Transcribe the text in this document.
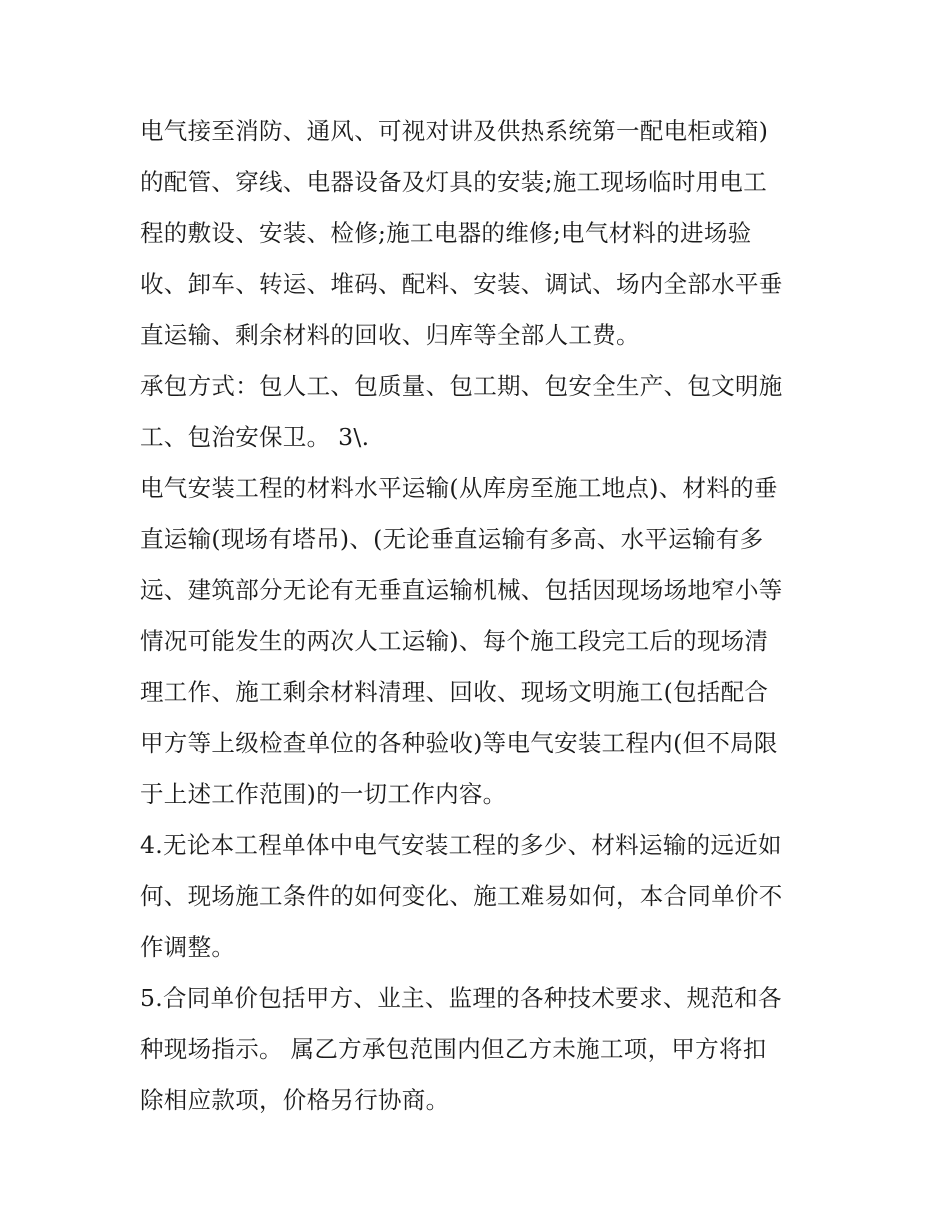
电气接至消防、通风、可视对讲及供热系统第一配电柜或箱)
的配管、穿线、电器设备及灯具的安装;施工现场临时用电工
程的敷设、安装、检修;施工电器的维修;电气材料的进场验
收、卸车、转运、堆码、配料、安装、调试、场内全部水平垂
直运输、剩余材料的回收、归库等全部人工费。
承包方式：包人工、包质量、包工期、包安全生产、包文明施
工、包治安保卫。 3\.
电气安装工程的材料水平运输(从库房至施工地点)、材料的垂
直运输(现场有塔吊)、(无论垂直运输有多高、水平运输有多
远、建筑部分无论有无垂直运输机械、包括因现场场地窄小等
情况可能发生的两次人工运输)、每个施工段完工后的现场清
理工作、施工剩余材料清理、回收、现场文明施工(包括配合
甲方等上级检查单位的各种验收)等电气安装工程内(但不局限
于上述工作范围)的一切工作内容。
4.无论本工程单体中电气安装工程的多少、材料运输的远近如
何、现场施工条件的如何变化、施工难易如何，本合同单价不
作调整。
5.合同单价包括甲方、业主、监理的各种技术要求、规范和各
种现场指示。 属乙方承包范围内但乙方未施工项，甲方将扣
除相应款项，价格另行协商。
